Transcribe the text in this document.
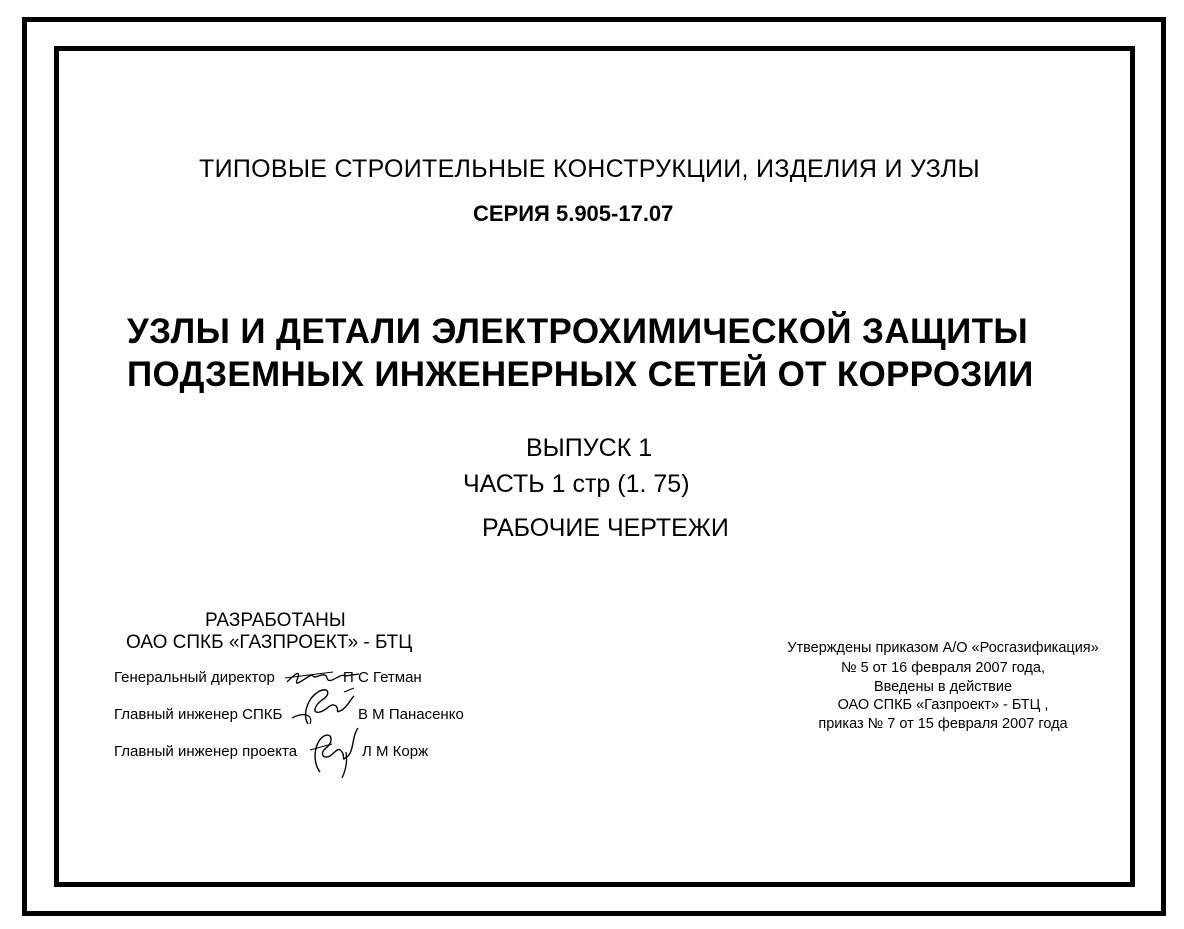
ТИПОВЫЕ СТРОИТЕЛЬНЫЕ КОНСТРУКЦИИ, ИЗДЕЛИЯ И УЗЛЫ
СЕРИЯ 5.905-17.07
УЗЛЫ И ДЕТАЛИ ЭЛЕКТРОХИМИЧЕСКОЙ ЗАЩИТЫ
ПОДЗЕМНЫХ ИНЖЕНЕРНЫХ СЕТЕЙ ОТ КОРРОЗИИ
ВЫПУСК 1
ЧАСТЬ 1 стр (1. 75)
РАБОЧИЕ ЧЕРТЕЖИ
РАЗРАБОТАНЫ
ОАО СПКБ «ГАЗПРОЕКТ» - БТЦ
Генеральный директор	П С Гетман
Главный инженер СПКБ	В М Панасенко
Главный инженер проекта	Л М Корж
Утверждены приказом А/О «Росгазификация»
№ 5 от 16 февраля 2007 года,
Введены в действие
ОАО СПКБ «Газпроект» - БТЦ ,
приказ № 7 от 15 февраля 2007 года
